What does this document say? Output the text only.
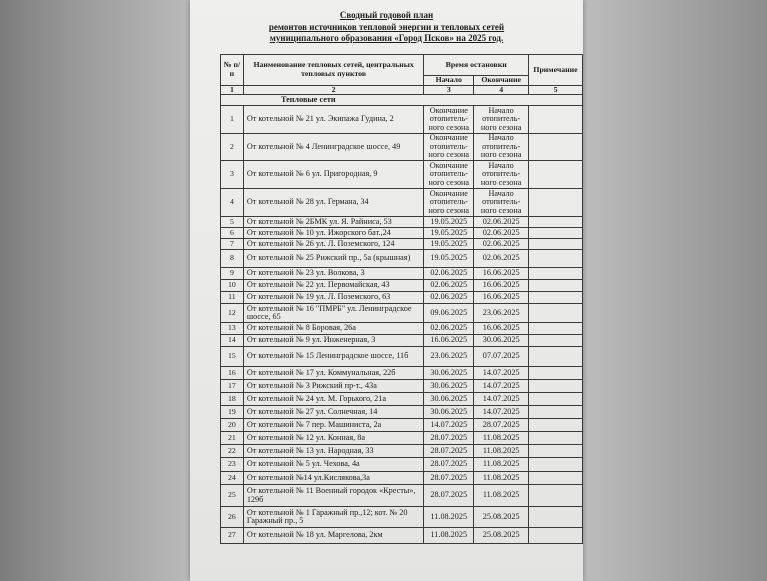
Сводный годовой план
ремонтов источников тепловой энергии и тепловых сетей
муниципального образования «Город Псков» на 2025 год.
№ п/п	Наименование тепловых сетей, центральных тепловых пунктов	Время остановки		Примечание
		Начало	Окончание	
1	2	3	4	5
Тепловые сети				
1	От котельной № 21 ул. Экипажа Гудина, 2	Окончание отопитель-ного сезона	Начало отопитель-ного сезона	
2	От котельной № 4 Ленинградское шоссе, 49	Окончание отопитель-ного сезона	Начало отопитель-ного сезона	
3	От котельной № 6 ул. Пригородная, 9	Окончание отопитель-ного сезона	Начало отопитель-ного сезона	
4	От котельной № 28 ул. Германа, 34	Окончание отопитель-ного сезона	Начало отопитель-ного сезона	
5	От котельной № 2БМК ул. Я. Райниса, 53	19.05.2025	02.06.2025	
6	От котельной № 10 ул. Ижорского бат.,24	19.05.2025	02.06.2025	
7	От котельной № 26 ул. Л. Поземского, 124	19.05.2025	02.06.2025	
8	От котельной № 25 Рижский пр., 5а (крышная)	19.05.2025	02.06.2025	
9	От котельной № 23 ул. Волкова, 3	02.06.2025	16.06.2025	
10	От котельной № 22 ул. Первомайская, 43	02.06.2025	16.06.2025	
11	От котельной № 19 ул. Л. Поземского, 63	02.06.2025	16.06.2025	
12	От котельной № 16 "ПМРБ" ул. Ленинградское шоссе, 65	09.06.2025	23.06.2025	
13	От котельной № 8 Боровая, 26а	02.06.2025	16.06.2025	
14	От котельной № 9 ул. Инженерная, 3	16.06.2025	30.06.2025	
15	От котельной № 15 Ленинградское шоссе, 11б	23.06.2025	07.07.2025	
16	От котельной № 17 ул. Коммунальная, 22б	30.06.2025	14.07.2025	
17	От котельной № 3 Рижский пр-т., 43а	30.06.2025	14.07.2025	
18	От котельной № 24 ул. М. Горького, 21а	30.06.2025	14.07.2025	
19	От котельной № 27 ул. Солнечная, 14	30.06.2025	14.07.2025	
20	От котельной № 7 пер. Машиниста, 2а	14.07.2025	28.07.2025	
21	От котельной № 12 ул. Конная, 8а	28.07.2025	11.08.2025	
22	От котельной № 13 ул. Народная, 33	28.07.2025	11.08.2025	
23	От котельной № 5 ул. Чехова, 4а	28.07.2025	11.08.2025	
24	От котельной №14 ул.Кислякова,3а	28.07.2025	11.08.2025	
25	От котельной № 11 Военный городок «Кресты», 129б	28.07.2025	11.08.2025	
26	От котельной № 1 Гаражный пр.,12; кот. № 20 Гаражный пр., 5	11.08.2025	25.08.2025	
27	От котельной № 18 ул. Маргелова, 2км	11.08.2025	25.08.2025	
